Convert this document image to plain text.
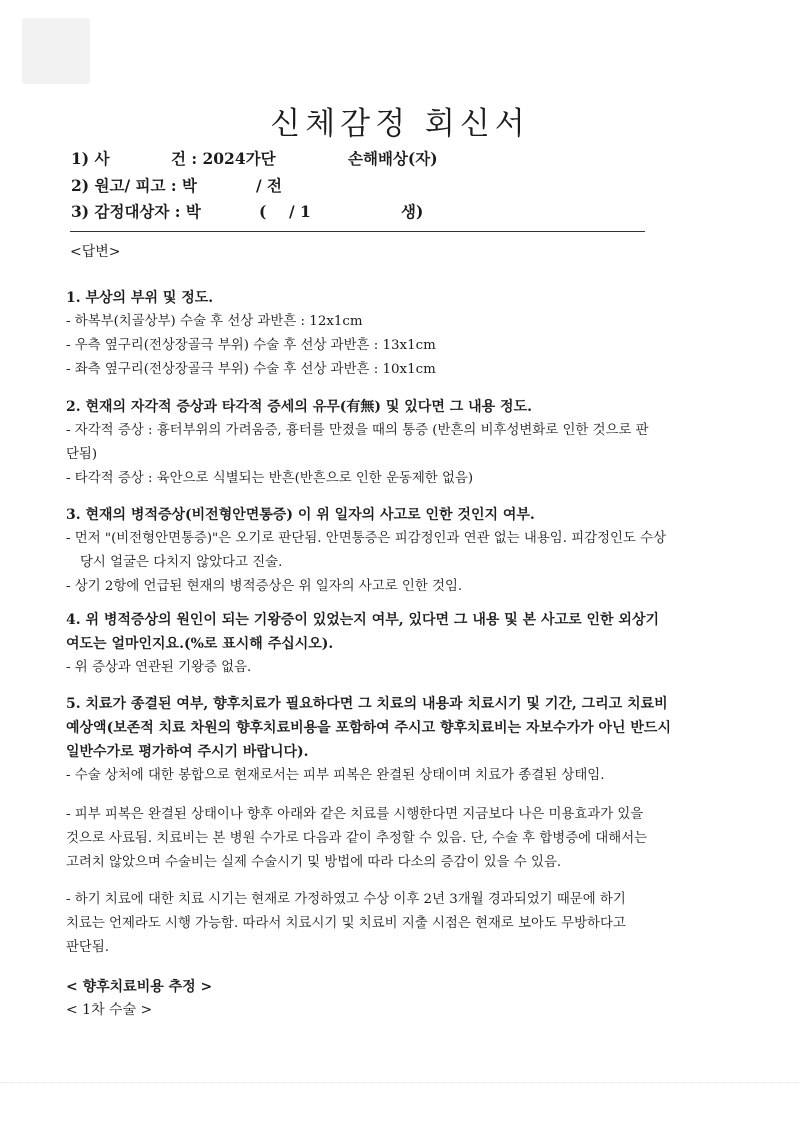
신체감정 회신서
1) 사	건 : 2024가단	손해배상(자)
2) 원고/ 피고 : 박	/ 전
3) 감정대상자 : 박	( / 1	생)
<답변>
1. 부상의 부위 및 정도.
- 하복부(치골상부) 수술 후 선상 과반흔 : 12x1cm
- 우측 옆구리(전상장골극 부위) 수술 후 선상 과반흔 : 13x1cm
- 좌측 옆구리(전상장골극 부위) 수술 후 선상 과반흔 : 10x1cm
2. 현재의 자각적 증상과 타각적 증세의 유무(有無) 및 있다면 그 내용 정도.
- 자각적 증상 : 흉터부위의 가려움증, 흉터를 만졌을 때의 통증 (반흔의 비후성변화로 인한 것으로 판
단됨)
- 타각적 증상 : 육안으로 식별되는 반흔(반흔으로 인한 운동제한 없음)
3. 현재의 병적증상(비전형안면통증) 이 위 일자의 사고로 인한 것인지 여부.
- 먼저 "(비전형안면통증)"은 오기로 판단됨. 안면통증은 피감정인과 연관 없는 내용임. 피감정인도 수상
당시 얼굴은 다치지 않았다고 진술.
- 상기 2항에 언급된 현재의 병적증상은 위 일자의 사고로 인한 것임.
4. 위 병적증상의 원인이 되는 기왕증이 있었는지 여부, 있다면 그 내용 및 본 사고로 인한 외상기
여도는 얼마인지요.(%로 표시해 주십시오).
- 위 증상과 연관된 기왕증 없음.
5. 치료가 종결된 여부, 향후치료가 필요하다면 그 치료의 내용과 치료시기 및 기간, 그리고 치료비
예상액(보존적 치료 차원의 향후치료비용을 포함하여 주시고 향후치료비는 자보수가가 아닌 반드시
일반수가로 평가하여 주시기 바랍니다).
- 수술 상처에 대한 봉합으로 현재로서는 피부 피복은 완결된 상태이며 치료가 종결된 상태임.
- 피부 피복은 완결된 상태이나 향후 아래와 같은 치료를 시행한다면 지금보다 나은 미용효과가 있을
것으로 사료됨. 치료비는 본 병원 수가로 다음과 같이 추정할 수 있음. 단, 수술 후 합병증에 대해서는
고려치 않았으며 수술비는 실제 수술시기 및 방법에 따라 다소의 증감이 있을 수 있음.
- 하기 치료에 대한 치료 시기는 현재로 가정하였고 수상 이후 2년 3개월 경과되었기 때문에 하기
치료는 언제라도 시행 가능함. 따라서 치료시기 및 치료비 지출 시점은 현재로 보아도 무방하다고
판단됨.
< 향후치료비용 추정 >
< 1차 수술 >
